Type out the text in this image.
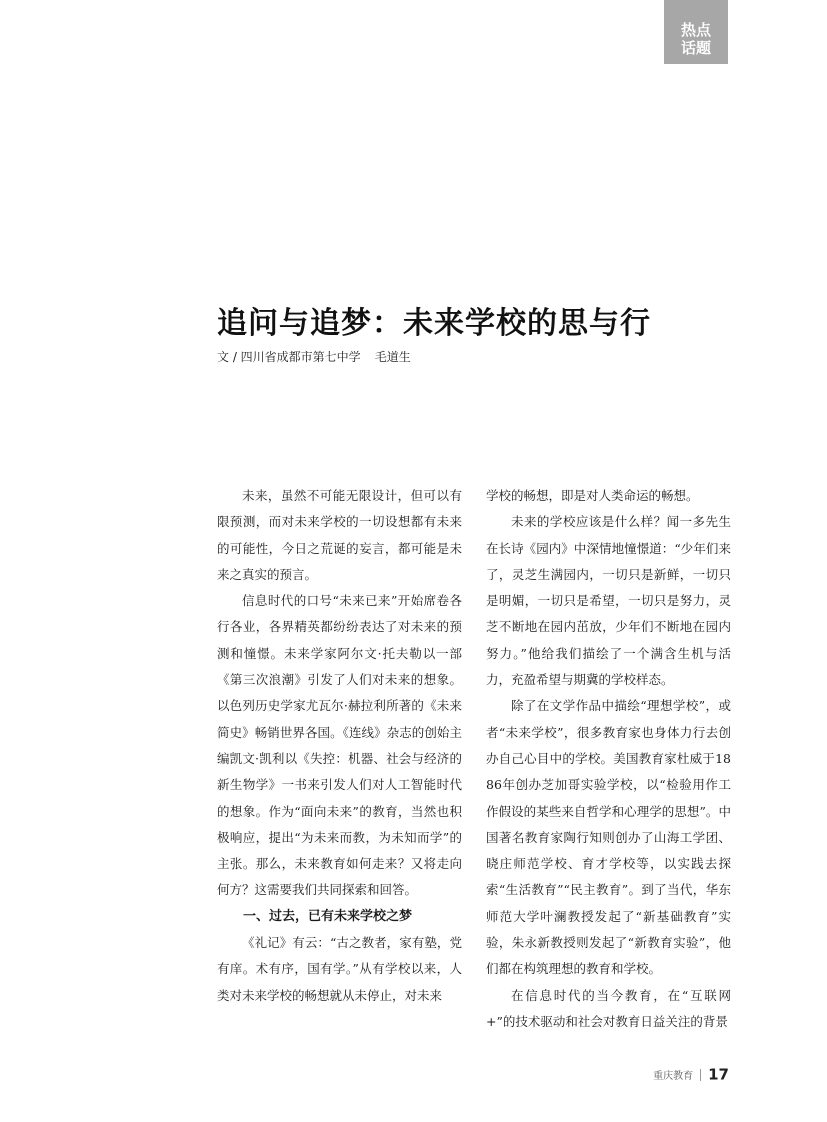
热点
话题
追问与追梦：未来学校的思与行
文 / 四川省成都市第七中学 毛道生

未来，虽然不可能无限设计，但可以有限预测，而对未来学校的一切设想都有未来的可能性，今日之荒诞的妄言，都可能是未来之真实的预言。

信息时代的口号“未来已来”开始席卷各行各业，各界精英都纷纷表达了对未来的预测和憧憬。未来学家阿尔文·托夫勒以一部《第三次浪潮》引发了人们对未来的想象。以色列历史学家尤瓦尔·赫拉利所著的《未来简史》畅销世界各国。《连线》杂志的创始主编凯文·凯利以《失控：机器、社会与经济的新生物学》一书来引发人们对人工智能时代的想象。作为“面向未来”的教育，当然也积极响应，提出“为未来而教，为未知而学”的主张。那么，未来教育如何走来？又将走向何方？这需要我们共同探索和回答。

一、过去，已有未来学校之梦

《礼记》有云：“古之教者，家有塾，党有庠。术有序，国有学。”从有学校以来，人类对未来学校的畅想就从未停止，对未来

学校的畅想，即是对人类命运的畅想。

未来的学校应该是什么样？闻一多先生在长诗《园内》中深情地憧憬道：“少年们来了，灵芝生满园内，一切只是新鲜，一切只是明媚，一切只是希望，一切只是努力，灵芝不断地在园内茁放，少年们不断地在园内努力。”他给我们描绘了一个满含生机与活力，充盈希望与期冀的学校样态。

除了在文学作品中描绘“理想学校”，或者“未来学校”，很多教育家也身体力行去创办自己心目中的学校。美国教育家杜威于1886年创办芝加哥实验学校，以“检验用作工作假设的某些来自哲学和心理学的思想”。中国著名教育家陶行知则创办了山海工学团、晓庄师范学校、育才学校等，以实践去探索“生活教育”“民主教育”。到了当代，华东师范大学叶澜教授发起了“新基础教育”实验，朱永新教授则发起了“新教育实验”，他们都在构筑理想的教育和学校。

在信息时代的当今教育，在“互联网+”的技术驱动和社会对教育日益关注的背景

重庆教育 17
